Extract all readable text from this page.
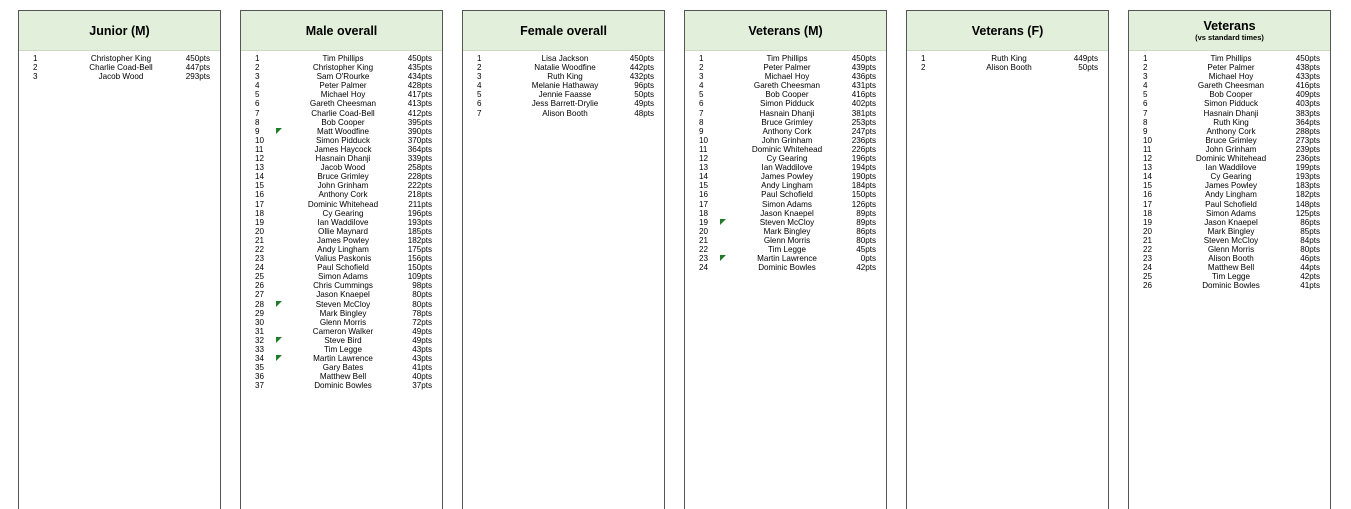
Junior (M)
1	Christopher King	450pts
2	Charlie Coad-Bell	447pts
3	Jacob Wood	293pts
Male overall
1	Tim Phillips	450pts
2	Christopher King	435pts
3	Sam O'Rourke	434pts
4	Peter Palmer	428pts
5	Michael Hoy	417pts
6	Gareth Cheesman	413pts
7	Charlie Coad-Bell	412pts
8	Bob Cooper	395pts
9	Matt Woodfine	390pts
10	Simon Pidduck	370pts
11	James Haycock	364pts
12	Hasnain Dhanji	339pts
13	Jacob Wood	258pts
14	Bruce Grimley	228pts
15	John Grinham	222pts
16	Anthony Cork	218pts
17	Dominic Whitehead	211pts
18	Cy Gearing	196pts
19	Ian Waddilove	193pts
20	Ollie Maynard	185pts
21	James Powley	182pts
22	Andy Lingham	175pts
23	Valius Paskonis	156pts
24	Paul Schofield	150pts
25	Simon Adams	109pts
26	Chris Cummings	98pts
27	Jason Knaepel	80pts
28	Steven McCloy	80pts
29	Mark Bingley	78pts
30	Glenn Morris	72pts
31	Cameron Walker	49pts
32	Steve Bird	49pts
33	Tim Legge	43pts
34	Martin Lawrence	43pts
35	Gary Bates	41pts
36	Matthew Bell	40pts
37	Dominic Bowles	37pts
Female overall
1	Lisa Jackson	450pts
2	Natalie Woodfine	442pts
3	Ruth King	432pts
4	Melanie Hathaway	96pts
5	Jennie Faasse	50pts
6	Jess Barrett-Drylie	49pts
7	Alison Booth	48pts
Veterans (M)
1	Tim Phillips	450pts
2	Peter Palmer	439pts
3	Michael Hoy	436pts
4	Gareth Cheesman	431pts
5	Bob Cooper	416pts
6	Simon Pidduck	402pts
7	Hasnain Dhanji	381pts
8	Bruce Grimley	253pts
9	Anthony Cork	247pts
10	John Grinham	236pts
11	Dominic Whitehead	226pts
12	Cy Gearing	196pts
13	Ian Waddilove	194pts
14	James Powley	190pts
15	Andy Lingham	184pts
16	Paul Schofield	150pts
17	Simon Adams	126pts
18	Jason Knaepel	89pts
19	Steven McCloy	89pts
20	Mark Bingley	86pts
21	Glenn Morris	80pts
22	Tim Legge	45pts
23	Martin Lawrence	0pts
24	Dominic Bowles	42pts
Veterans (F)
1	Ruth King	449pts
2	Alison Booth	50pts
Veterans
(vs standard times)
1	Tim Phillips	450pts
2	Peter Palmer	438pts
3	Michael Hoy	433pts
4	Gareth Cheesman	416pts
5	Bob Cooper	409pts
6	Simon Pidduck	403pts
7	Hasnain Dhanji	383pts
8	Ruth King	364pts
9	Anthony Cork	288pts
10	Bruce Grimley	273pts
11	John Grinham	239pts
12	Dominic Whitehead	236pts
13	Ian Waddilove	199pts
14	Cy Gearing	193pts
15	James Powley	183pts
16	Andy Lingham	182pts
17	Paul Schofield	148pts
18	Simon Adams	125pts
19	Jason Knaepel	86pts
20	Mark Bingley	85pts
21	Steven McCloy	84pts
22	Glenn Morris	80pts
23	Alison Booth	46pts
24	Matthew Bell	44pts
25	Tim Legge	42pts
26	Dominic Bowles	41pts
